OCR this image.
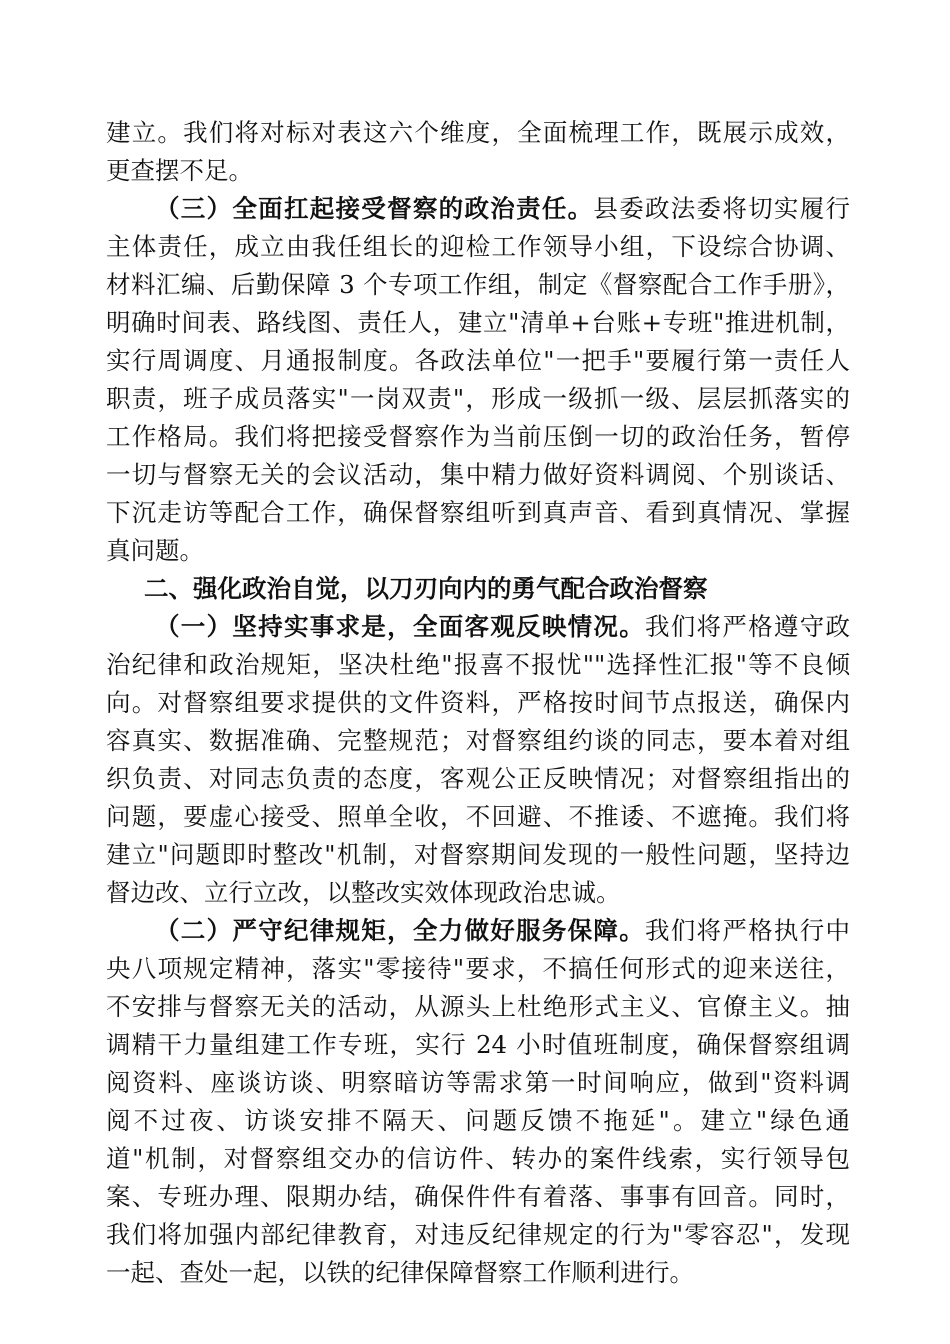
建立。我们将对标对表这六个维度，全面梳理工作，既展示成效，
更查摆不足。
（三）全面扛起接受督察的政治责任。县委政法委将切实履行
主体责任，成立由我任组长的迎检工作领导小组，下设综合协调、
材料汇编、后勤保障 3 个专项工作组，制定《督察配合工作手册》，
明确时间表、路线图、责任人，建立"清单+台账+专班"推进机制，
实行周调度、月通报制度。各政法单位"一把手"要履行第一责任人
职责，班子成员落实"一岗双责"，形成一级抓一级、层层抓落实的
工作格局。我们将把接受督察作为当前压倒一切的政治任务，暂停
一切与督察无关的会议活动，集中精力做好资料调阅、个别谈话、
下沉走访等配合工作，确保督察组听到真声音、看到真情况、掌握
真问题。
二、强化政治自觉，以刀刃向内的勇气配合政治督察
（一）坚持实事求是，全面客观反映情况。我们将严格遵守政
治纪律和政治规矩，坚决杜绝"报喜不报忧""选择性汇报"等不良倾
向。对督察组要求提供的文件资料，严格按时间节点报送，确保内
容真实、数据准确、完整规范；对督察组约谈的同志，要本着对组
织负责、对同志负责的态度，客观公正反映情况；对督察组指出的
问题，要虚心接受、照单全收，不回避、不推诿、不遮掩。我们将
建立"问题即时整改"机制，对督察期间发现的一般性问题，坚持边
督边改、立行立改，以整改实效体现政治忠诚。
（二）严守纪律规矩，全力做好服务保障。我们将严格执行中
央八项规定精神，落实"零接待"要求，不搞任何形式的迎来送往，
不安排与督察无关的活动，从源头上杜绝形式主义、官僚主义。抽
调精干力量组建工作专班，实行 24 小时值班制度，确保督察组调
阅资料、座谈访谈、明察暗访等需求第一时间响应，做到"资料调
阅不过夜、访谈安排不隔天、问题反馈不拖延"。建立"绿色通
道"机制，对督察组交办的信访件、转办的案件线索，实行领导包
案、专班办理、限期办结，确保件件有着落、事事有回音。同时，
我们将加强内部纪律教育，对违反纪律规定的行为"零容忍"，发现
一起、查处一起，以铁的纪律保障督察工作顺利进行。
